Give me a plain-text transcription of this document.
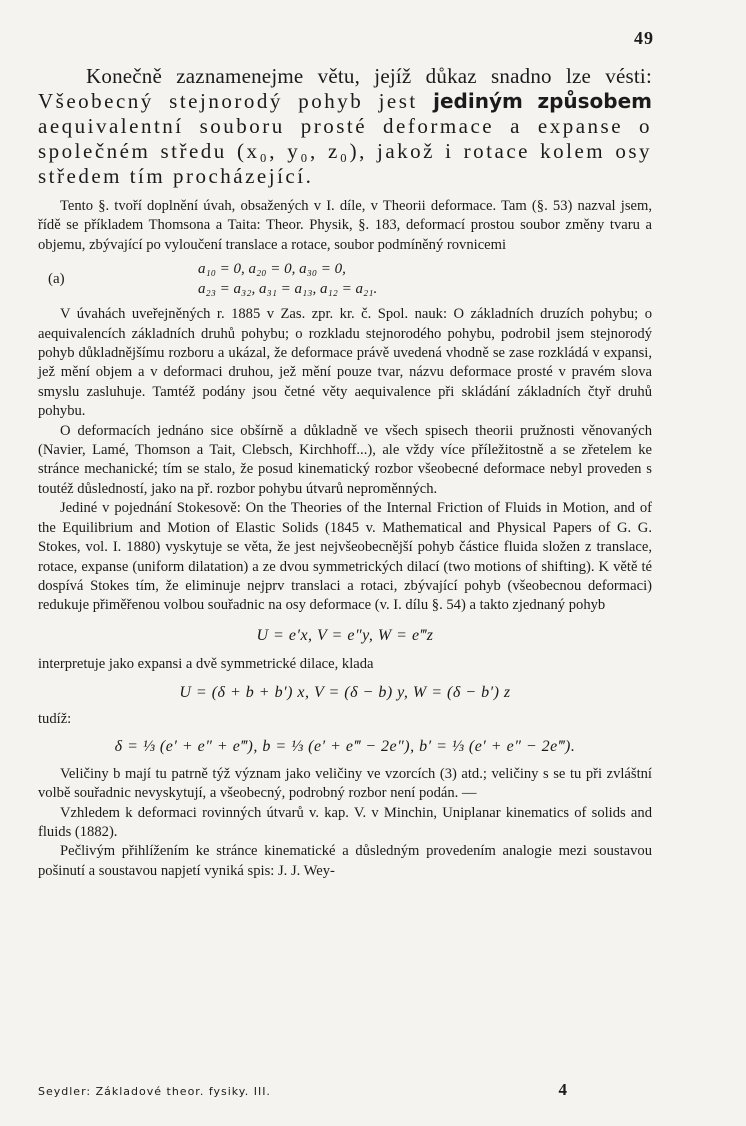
49

Konečně zaznamenejme větu, jejíž důkaz snadno lze vésti: Všeobecný stejnorodý pohyb jest jediným způsobem aequivalentní souboru prosté deformace a expanse o společném středu (x₀, y₀, z₀), jakož i rotace kolem osy středem tím procházející.

Tento §. tvoří doplnění úvah, obsažených v I. díle, v Theorii deformace. Tam (§. 53) nazval jsem, řídě se příkladem Thomsona a Taita: Theor. Physik, §. 183, deformací prostou soubor změny tvaru a objemu, zbývající po vyloučení translace a rotace, soubor podmíněný rovnicemi

(a)
a₁₀ = 0, a₂₀ = 0, a₃₀ = 0,
a₂₃ = a₃₂, a₃₁ = a₁₃, a₁₂ = a₂₁.

V úvahách uveřejněných r. 1885 v Zas. zpr. kr. č. Spol. nauk: O základních druzích pohybu; o aequivalencích základních druhů pohybu; o rozkladu stejnorodého pohybu, podrobil jsem stejnorodý pohyb důkladnějšímu rozboru a ukázal, že deformace právě uvedená vhodně se zase rozkládá v expansi, jež mění objem a v deformaci druhou, jež mění pouze tvar, názvu deformace prosté v pravém slova smyslu zasluhuje. Tamtéž podány jsou četné věty aequivalence při skládání základních čtyř druhů pohybu.

O deformacích jednáno sice obšírně a důkladně ve všech spisech theorii pružnosti věnovaných (Navier, Lamé, Thomson a Tait, Clebsch, Kirchhoff...), ale vždy více příležitostně a se zřetelem ke stránce mechanické; tím se stalo, že posud kinematický rozbor všeobecné deformace nebyl proveden s toutéž důsledností, jako na př. rozbor pohybu útvarů neproměnných.

Jediné v pojednání Stokesově: On the Theories of the Internal Friction of Fluids in Motion, and of the Equilibrium and Motion of Elastic Solids (1845 v. Mathematical and Physical Papers of G. G. Stokes, vol. I. 1880) vyskytuje se věta, že jest nejvšeobecnější pohyb částice fluida složen z translace, rotace, expanse (uniform dilatation) a ze dvou symmetrických dilací (two motions of shifting). K větě té dospívá Stokes tím, že eliminuje nejprv translaci a rotaci, zbývající pohyb (všeobecnou deformaci) redukuje přiměřenou volbou souřadnic na osy deformace (v. I. dílu §. 54) a takto zjednaný pohyb

U = e′x, V = e″y, W = e‴z

interpretuje jako expansi a dvě symmetrické dilace, klada

U = (δ + b + b′) x, V = (δ − b) y, W = (δ − b′) z

tudíž:

δ = ⅓ (e′ + e″ + e‴), b = ⅓ (e′ + e‴ − 2e″), b′ = ⅓ (e′ + e″ − 2e‴).

Veličiny b mají tu patrně týž význam jako veličiny ve vzorcích (3) atd.; veličiny s se tu při zvláštní volbě souřadnic nevyskytují, a všeobecný, podrobný rozbor není podán. —

Vzhledem k deformaci rovinných útvarů v. kap. V. v Minchin, Uniplanar kinematics of solids and fluids (1882).

Pečlivým přihlížením ke stránce kinematické a důsledným provedením analogie mezi soustavou pošinutí a soustavou napjetí vyniká spis: J. J. Wey-

Seydler: Základové theor. fysiky. III.	4
